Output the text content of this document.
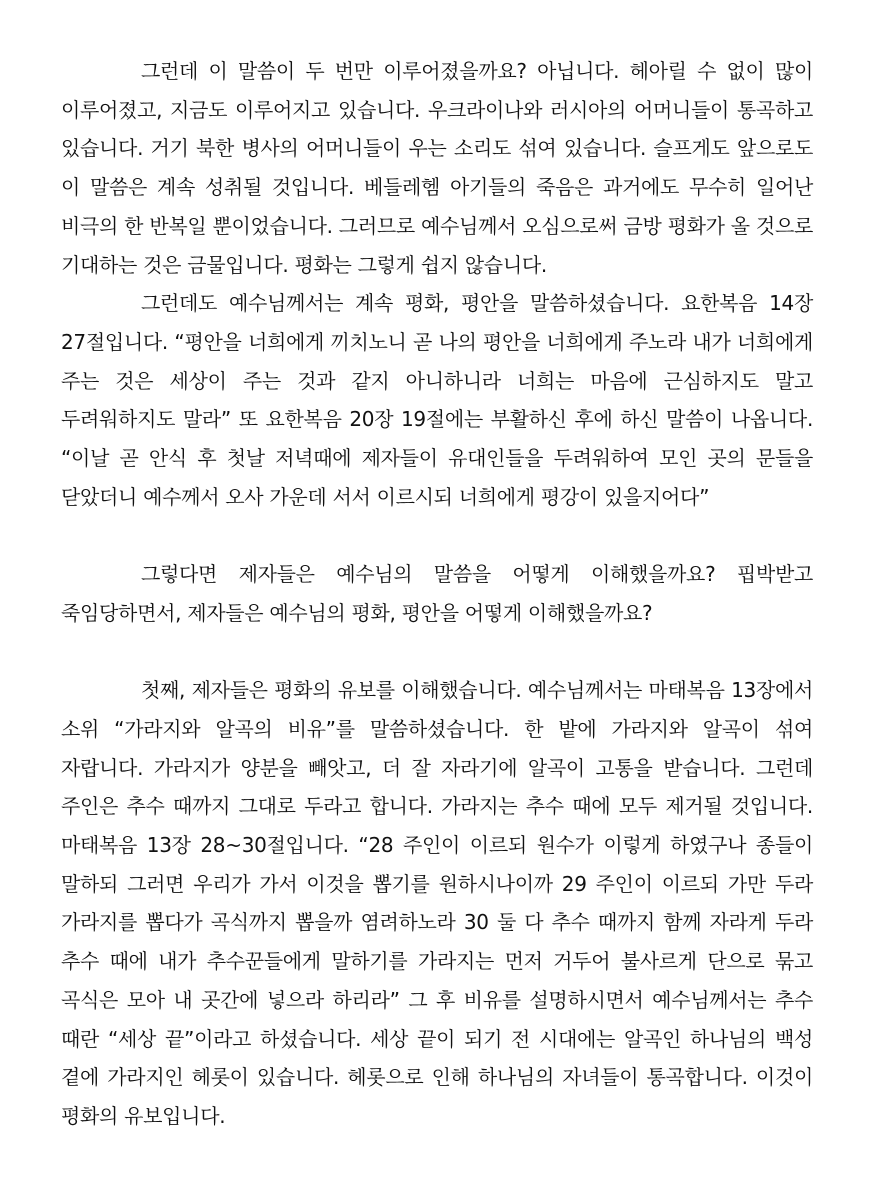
그런데 이 말씀이 두 번만 이루어졌을까요? 아닙니다. 헤아릴 수 없이 많이 이루어졌고, 지금도 이루어지고 있습니다. 우크라이나와 러시아의 어머니들이 통곡하고 있습니다. 거기 북한 병사의 어머니들이 우는 소리도 섞여 있습니다. 슬프게도 앞으로도 이 말씀은 계속 성취될 것입니다. 베들레헴 아기들의 죽음은 과거에도 무수히 일어난 비극의 한 반복일 뿐이었습니다. 그러므로 예수님께서 오심으로써 금방 평화가 올 것으로 기대하는 것은 금물입니다. 평화는 그렇게 쉽지 않습니다.

그런데도 예수님께서는 계속 평화, 평안을 말씀하셨습니다. 요한복음 14장 27절입니다. “평안을 너희에게 끼치노니 곧 나의 평안을 너희에게 주노라 내가 너희에게 주는 것은 세상이 주는 것과 같지 아니하니라 너희는 마음에 근심하지도 말고 두려워하지도 말라” 또 요한복음 20장 19절에는 부활하신 후에 하신 말씀이 나옵니다. “이날 곧 안식 후 첫날 저녁때에 제자들이 유대인들을 두려워하여 모인 곳의 문들을 닫았더니 예수께서 오사 가운데 서서 이르시되 너희에게 평강이 있을지어다”

그렇다면 제자들은 예수님의 말씀을 어떻게 이해했을까요? 핍박받고 죽임당하면서, 제자들은 예수님의 평화, 평안을 어떻게 이해했을까요?

첫째, 제자들은 평화의 유보를 이해했습니다. 예수님께서는 마태복음 13장에서 소위 “가라지와 알곡의 비유”를 말씀하셨습니다. 한 밭에 가라지와 알곡이 섞여 자랍니다. 가라지가 양분을 빼앗고, 더 잘 자라기에 알곡이 고통을 받습니다. 그런데 주인은 추수 때까지 그대로 두라고 합니다. 가라지는 추수 때에 모두 제거될 것입니다. 마태복음 13장 28~30절입니다. “28 주인이 이르되 원수가 이렇게 하였구나 종들이 말하되 그러면 우리가 가서 이것을 뽑기를 원하시나이까 29 주인이 이르되 가만 두라 가라지를 뽑다가 곡식까지 뽑을까 염려하노라 30 둘 다 추수 때까지 함께 자라게 두라 추수 때에 내가 추수꾼들에게 말하기를 가라지는 먼저 거두어 불사르게 단으로 묶고 곡식은 모아 내 곳간에 넣으라 하리라” 그 후 비유를 설명하시면서 예수님께서는 추수 때란 “세상 끝”이라고 하셨습니다. 세상 끝이 되기 전 시대에는 알곡인 하나님의 백성 곁에 가라지인 헤롯이 있습니다. 헤롯으로 인해 하나님의 자녀들이 통곡합니다. 이것이 평화의 유보입니다.
